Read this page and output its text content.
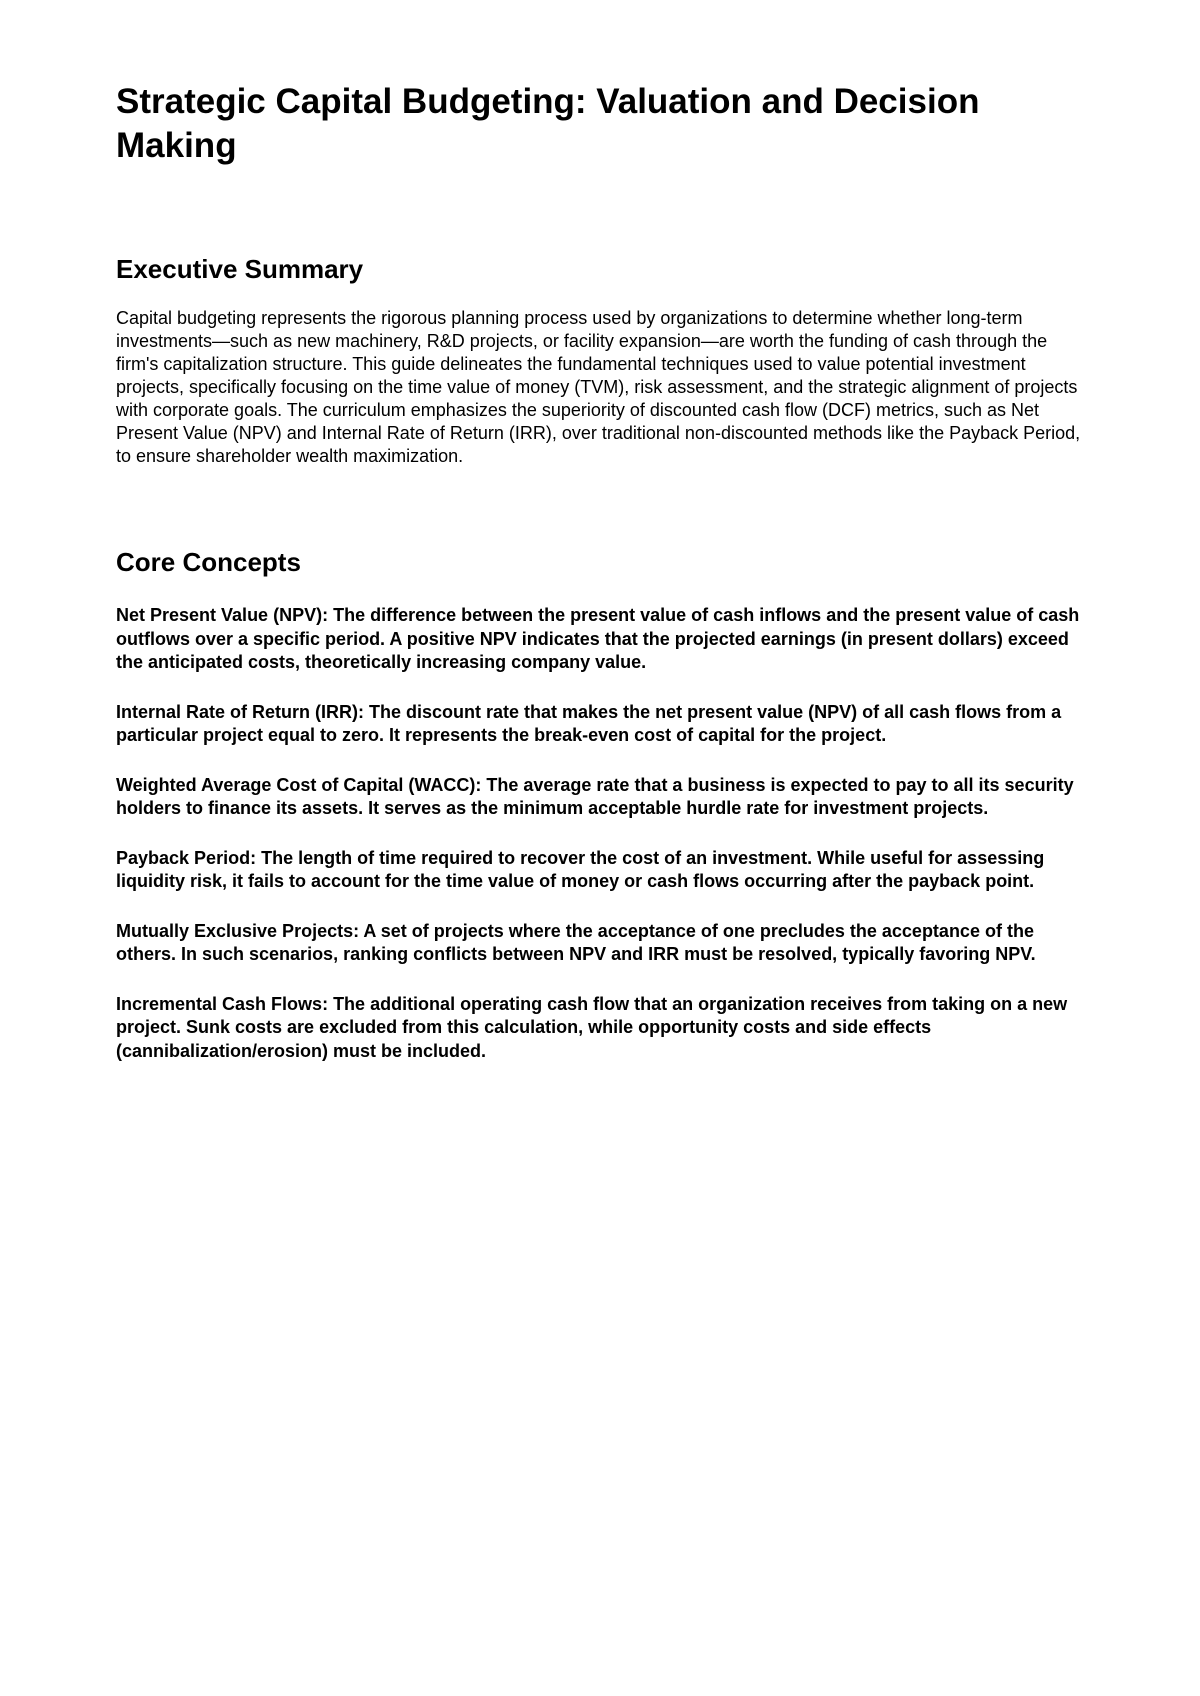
Strategic Capital Budgeting: Valuation and Decision Making
Executive Summary

Capital budgeting represents the rigorous planning process used by organizations to determine whether long-term investments—such as new machinery, R&D projects, or facility expansion—are worth the funding of cash through the firm's capitalization structure. This guide delineates the fundamental techniques used to value potential investment projects, specifically focusing on the time value of money (TVM), risk assessment, and the strategic alignment of projects with corporate goals. The curriculum emphasizes the superiority of discounted cash flow (DCF) metrics, such as Net Present Value (NPV) and Internal Rate of Return (IRR), over traditional non-discounted methods like the Payback Period, to ensure shareholder wealth maximization.

Core Concepts

Net Present Value (NPV) : The difference between the present value of cash inflows and the present value of cash outflows over a specific period. A positive NPV indicates that the projected earnings (in present dollars) exceed the anticipated costs, theoretically increasing company value.

Internal Rate of Return (IRR) : The discount rate that makes the net present value (NPV) of all cash flows from a particular project equal to zero. It represents the break-even cost of capital for the project.

Weighted Average Cost of Capital (WACC) : The average rate that a business is expected to pay to all its security holders to finance its assets. It serves as the minimum acceptable hurdle rate for investment projects.

Payback Period : The length of time required to recover the cost of an investment. While useful for assessing liquidity risk, it fails to account for the time value of money or cash flows occurring after the payback point.

Mutually Exclusive Projects : A set of projects where the acceptance of one precludes the acceptance of the others. In such scenarios, ranking conflicts between NPV and IRR must be resolved, typically favoring NPV.

Incremental Cash Flows : The additional operating cash flow that an organization receives from taking on a new project. Sunk costs are excluded from this calculation, while opportunity costs and side effects (cannibalization/erosion) must be included.
